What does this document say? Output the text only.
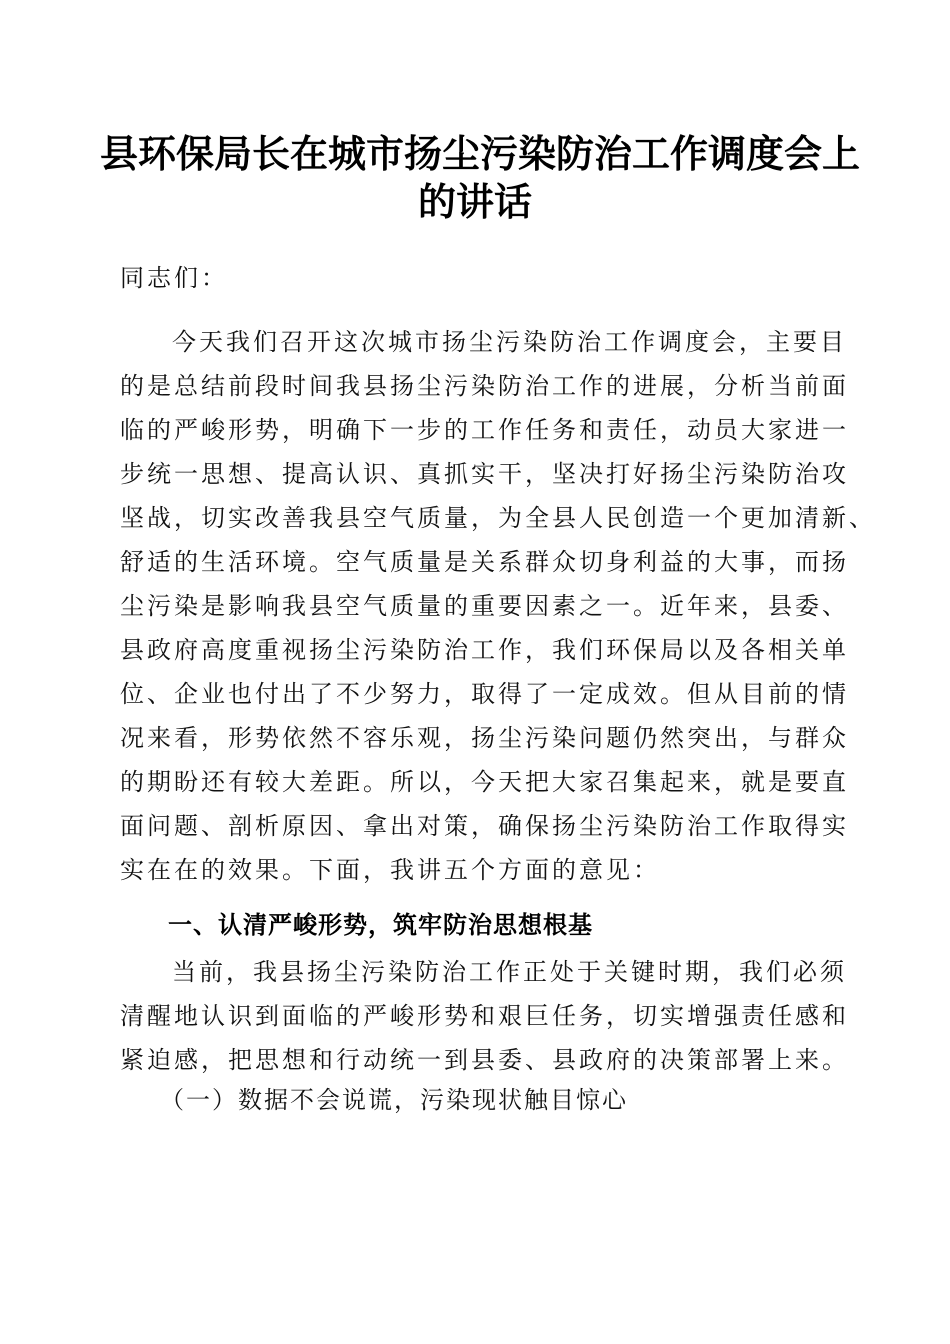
县环保局长在城市扬尘污染防治工作调度会上
的讲话
同志们：
今天我们召开这次城市扬尘污染防治工作调度会，主要目
的是总结前段时间我县扬尘污染防治工作的进展，分析当前面
临的严峻形势，明确下一步的工作任务和责任，动员大家进一
步统一思想、提高认识、真抓实干，坚决打好扬尘污染防治攻
坚战，切实改善我县空气质量，为全县人民创造一个更加清新、
舒适的生活环境。空气质量是关系群众切身利益的大事，而扬
尘污染是影响我县空气质量的重要因素之一。近年来，县委、
县政府高度重视扬尘污染防治工作，我们环保局以及各相关单
位、企业也付出了不少努力，取得了一定成效。但从目前的情
况来看，形势依然不容乐观，扬尘污染问题仍然突出，与群众
的期盼还有较大差距。所以，今天把大家召集起来，就是要直
面问题、剖析原因、拿出对策，确保扬尘污染防治工作取得实
实在在的效果。下面，我讲五个方面的意见：
一、认清严峻形势，筑牢防治思想根基
当前，我县扬尘污染防治工作正处于关键时期，我们必须
清醒地认识到面临的严峻形势和艰巨任务，切实增强责任感和
紧迫感，把思想和行动统一到县委、县政府的决策部署上来。
（一）数据不会说谎，污染现状触目惊心
